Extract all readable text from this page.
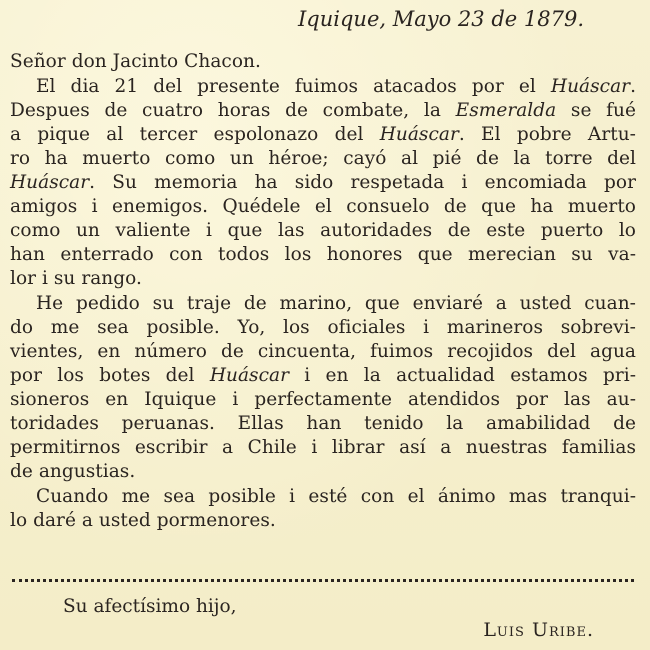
Iquique, Mayo 23 de 1879.
Señor don Jacinto Chacon.
El dia 21 del presente fuimos atacados por el Huáscar.
Despues de cuatro horas de combate, la Esmeralda se fué
a pique al tercer espolonazo del Huáscar. El pobre Artu-
ro ha muerto como un héroe; cayó al pié de la torre del
Huáscar. Su memoria ha sido respetada i encomiada por
amigos i enemigos. Quédele el consuelo de que ha muerto
como un valiente i que las autoridades de este puerto lo
han enterrado con todos los honores que merecian su va-
lor i su rango.
He pedido su traje de marino, que enviaré a usted cuan-
do me sea posible. Yo, los oficiales i marineros sobrevi-
vientes, en número de cincuenta, fuimos recojidos del agua
por los botes del Huáscar i en la actualidad estamos pri-
sioneros en Iquique i perfectamente atendidos por las au-
toridades peruanas. Ellas han tenido la amabilidad de
permitirnos escribir a Chile i librar así a nuestras familias
de angustias.
Cuando me sea posible i esté con el ánimo mas tranqui-
lo daré a usted pormenores.
Su afectísimo hijo,
Luis Uribe.
